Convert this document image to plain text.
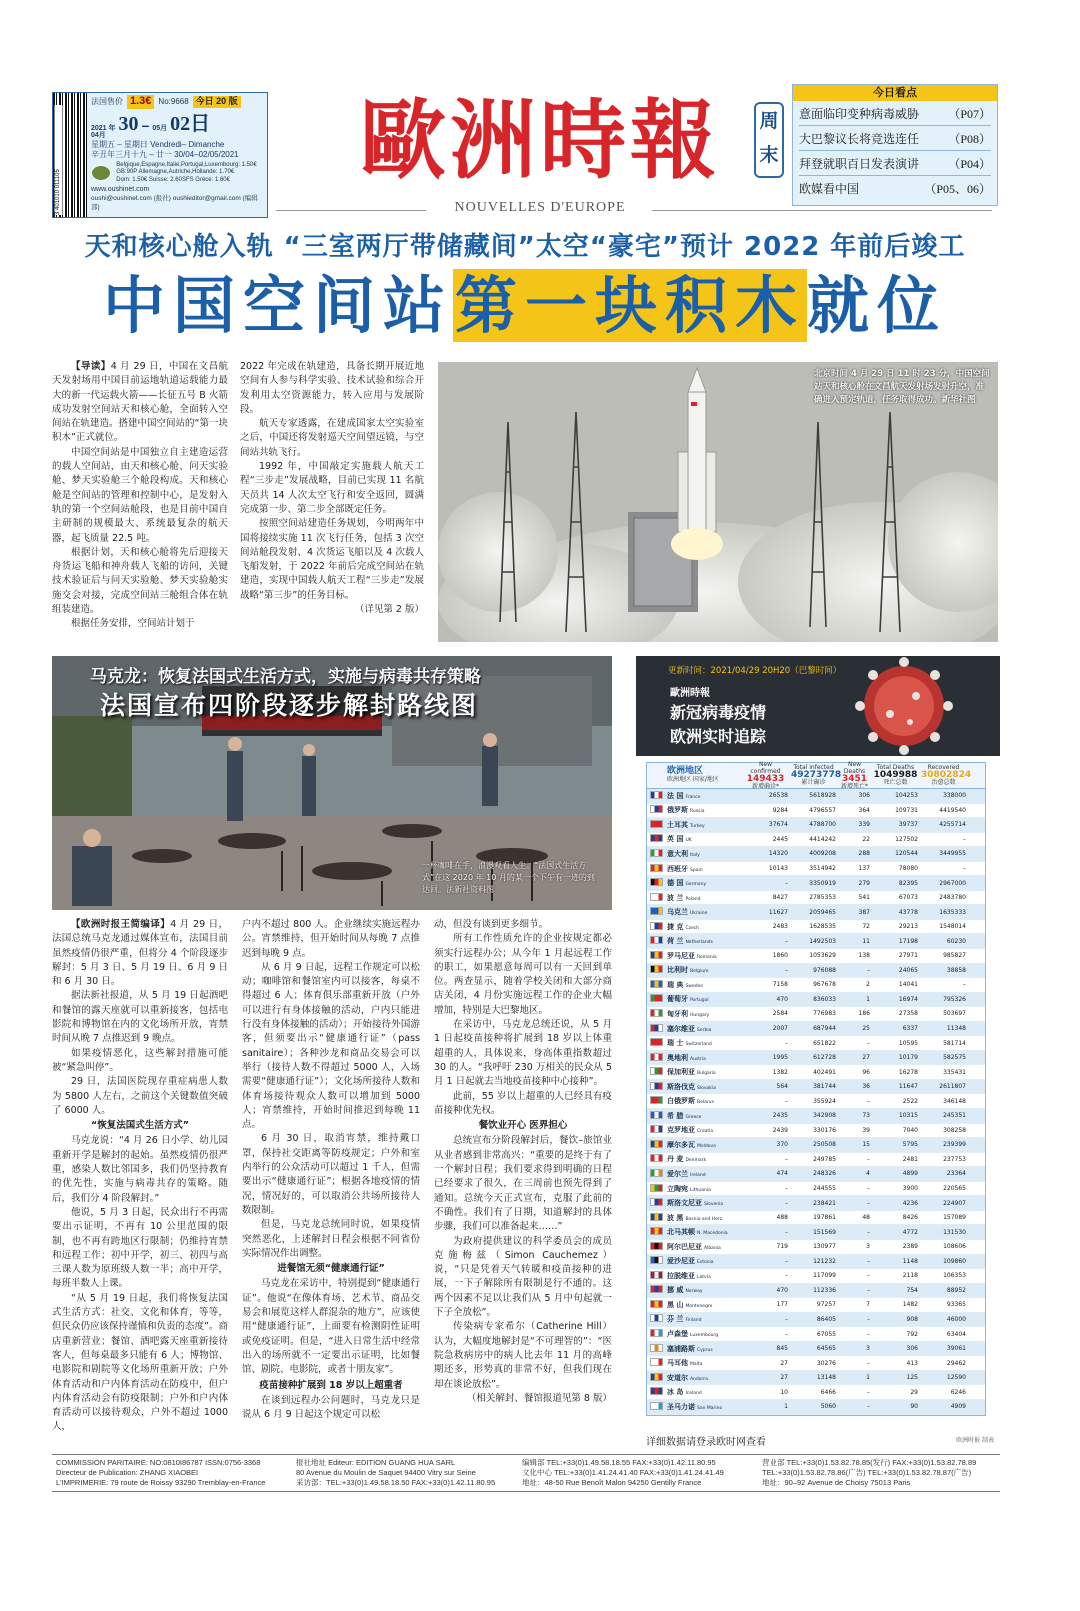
3 401010 011105
法国售价 1.3€ No:9668 今日 20 版
2021 年
04月
30 – 05月 02日
星期五 – 星期日 Vendredi– Dimanche
辛丑年三月十九 – 廿一 30/04–02/05/2021
Belgique,Espagne,Italie,Portugal,Luxembourg: 1.50€
GB:90P Allemagne,Autriche,Hollande: 1.70€
Dom: 1.50€ Suisse: 2.60SFS Grèce: 1.60€
www.oushinet.com
oushi@oushinet.com (报社) oushieditor@gmail.com (编辑部)
歐洲時報
NOUVELLES D'EUROPE
周
末
今日看点
意面临印变种病毒威胁 （P07）
大巴黎议长将竞选连任 （P08）
拜登就职百日发表演讲 （P04）
欧媒看中国	（P05、06）
天和核心舱入轨 “三室两厅带储藏间”太空“豪宅”预计 2022 年前后竣工
中国空间站第一块积木就位

【导读】4 月 29 日，中国在文昌航天发射场用中国目前运地轨道运载能力最大的新一代运载火箭——长征五号 B 火箭成功发射空间站天和核心舱，全面转入空间站在轨建造。搭建中国空间站的“第一块积木”正式就位。

中国空间站是中国独立自主建造运营的载人空间站，由天和核心舱、问天实验舱、梦天实验舱三个舱段构成。天和核心舱是空间站的管理和控制中心，是发射入轨的第一个空间站舱段，也是目前中国自主研制的规模最大、系统最复杂的航天器，起飞质量 22.5 吨。

根据计划，天和核心舱将先后迎接天舟货运飞船和神舟载人飞船的访问，关键技术验证后与问天实验舱、梦天实验舱实施交会对接，完成空间站三舱组合体在轨组装建造。

根据任务安排，空间站计划于

2022 年完成在轨建造，具备长期开展近地空间有人参与科学实验、技术试验和综合开发利用太空资源能力，转入应用与发展阶段。

航天专家透露，在建成国家太空实验室之后，中国还将发射巡天空间望远镜，与空间站共轨飞行。

1992 年，中国敲定实施载人航天工程“三步走”发展战略，目前已实现 11 名航天员共 14 人次太空飞行和安全返回，圆满完成第一步、第二步全部既定任务。

按照空间站建造任务规划，今明两年中国将接续实施 11 次飞行任务，包括 3 次空间站舱段发射、4 次货运飞船以及 4 次载人飞船发射，于 2022 年前后完成空间站在轨建造，实现中国载人航天工程“三步走”发展战略“第三步”的任务目标。

（详见第 2 版）

北京时间 4 月 29 日 11 时 23 分，中国空间站天和核心舱在文昌航天发射场发射升空，准确进入预定轨道，任务取得成功。新华社图
马克龙：恢复法国式生活方式，实施与病毒共存策略
法国宣布四阶段逐步解封路线图
一杯咖啡在手，浪漫观看人生。“法国式生活方式”在这 2020 年 10 月的某一个下午有一迹的到达回。法新社资料图

【欧洲时报王简编译】4 月 29 日，法国总统马克龙通过媒体宣布，法国目前虽然疫情仍很严重，但将分 4 个阶段逐步解封：5 月 3 日、5 月 19 日、6 月 9 日和 6 月 30 日。

据法新社报道，从 5 月 19 日起酒吧和餐馆的露天座就可以重新接客，包括电影院和博物馆在内的文化场所开放，宵禁时间从晚 7 点推迟到 9 晚点。

如果疫情恶化，这些解封措施可能被“紧急叫停”。

29 日，法国医院现存重症病患人数为 5800 人左右，之前这个关键数值突破了 6000 人。

“恢复法国式生活方式”

马克龙说：“4 月 26 日小学、幼儿园重新开学是解封的起始。虽然疫情仍很严重，感染人数比邻国多，我们仍坚持教育的优先性，实施与病毒共存的策略。随后，我们分 4 阶段解封。”

他说，5 月 3 日起，民众出行不再需要出示证明，不再有 10 公里范围的限制，也不再有跨地区行限制；仍维持宵禁和远程工作；初中开学，初三、初四与高三课人数为原班级人数一半；高中开学，每班半数人上课。

“从 5 月 19 日起，我们将恢复法国式生活方式：社交、文化和体育，等等，但民众仍应该保持谨慎和负责的态度”。商店重新营业；餐馆、酒吧露天座重新接待客人，但每桌最多只能有 6 人；博物馆、电影院和剧院等文化场所重新开放；户外体育活动和户内体育活动在防疫中，但户内体育活动会有防疫限制；户外和户内体育活动可以接待观众，户外不超过 1000 人，

户内不超过 800 人。企业继续实施远程办公。宵禁维持，但开始时间从每晚 7 点推迟到每晚 9 点。

从 6 月 9 日起，远程工作规定可以松动；咖啡馆和餐馆室内可以接客，每桌不得超过 6 人；体育俱乐部重新开放（户外可以进行有身体接触的活动，户内只能进行没有身体接触的活动）；开始接待外国游客，但须要出示“健康通行证”（pass sanitaire）；各种沙龙和商品交易会可以举行（接待人数不得超过 5000 人，入场需要“健康通行证”）；文化场所接待人数和体育场接待观众人数可以增加到 5000 人；宵禁维持，开始时间推迟到每晚 11 点。

6 月 30 日，取消宵禁，维持戴口罩，保持社交距离等防疫规定；户外和室内举行的公众活动可以超过 1 千人，但需要出示“健康通行证”；根据各地疫情的情况，情况好的，可以取消公共场所接待人数限制。

但是，马克龙总统同时说，如果疫情突然恶化，上述解封日程会根据不同省份实际情况作出调整。

进餐馆无须“健康通行证”

马克龙在采访中，特别提到“健康通行证”。他说“在像体育场、艺术节、商品交易会和展览这样人群混杂的地方”，应该使用“健康通行证”，上面要有检测阴性证明或免疫证明。但是，“进入日常生活中经常出入的场所就不一定要出示证明，比如餐馆、剧院、电影院，或者十朋友家”。

疫苗接种扩展到 18 岁以上超重者

在谈到远程办公问题时，马克龙只是说从 6 月 9 日起这个规定可以松

动，但没有谈到更多细节。

所有工作性质允许的企业按规定都必须实行远程办公；从今年 1 月起远程工作的职工，如果愿意每周可以有一天回到单位。两查显示，随着学校关闭和大部分商店关闭，4 月份实施远程工作的企业大幅增加，特别是大巴黎地区。

在采访中，马克龙总统还说，从 5 月 1 日起疫苗接种将扩展到 18 岁以上体重超重的人，具体说来，身高体重指数超过 30 的人。“我呼吁 230 万相关的民众从 5 月 1 日起就去当地疫苗接种中心接种”。

此前，55 岁以上超重的人已经具有疫苗接种优先权。

餐饮业开心 医界担心

总统宣布分阶段解封后，餐饮–旅馆业从业者感到非常高兴：“重要的是终于有了一个解封日程；我们要求得到明确的日程已经要求了很久，在三周前也预先得到了通知。总统今天正式宣布，克服了此前的不确性。我们有了日期，知道解封的具体步骤，我们可以准备起来……”

为政府提供建议的科学委员会的成员克施梅兹（Simon Cauchemez）说，“只是凭着天气转暖和疫苗接种的进展，一下子解除所有限制是行不通的。这两个因素不足以让我们从 5 月中旬起就一下子全放松”。

传染病专家希尔（Catherine Hill）认为，大幅度地解封是“不可理智的”：“医院急救病房中的病人比去年 11 月的高峰期还多，形势真的非常不好，但我们现在却在谈论放松”。

（相关解封、餐馆报道见第 8 版）

更新时间：2021/04/29 20H20（巴黎时间）
歐洲時報
新冠病毒疫情
欧洲实时追踪
欧洲地区
欧洲地区 国家/地区
New confirmed
149433
新增确诊*
Total infected
49273778
累计确诊
New Deaths
3451
新增死亡*
Total Deaths
1049988
死亡总数
Recovered
30802824
治愈总数
法 国 France	26538	5618928	306	104253	338000
俄罗斯 Russia	9284	4796557	364	109731	4419540
土耳其 Turkey	37674	4788700	339	39737	4255714
英 国 UK	2445	4414242	22	127502	–
意大利 Italy	14320	4009208	288	120544	3449955
西班牙 Spain	10143	3514942	137	78080	–
德 国 Germany	–	3350919	279	82395	2967000
波 兰 Poland	8427	2785353	541	67073	2483780
乌克兰 Ukraine	11627	2059465	387	43778	1635333
捷 克 Czech	2483	1628535	72	29213	1548014
荷 兰 Netherlands	–	1492503	11	17198	60230
罗马尼亚 Romania	1860	1053629	138	27971	985827
比利时 Belgium	–	976088	–	24065	38858
瑞 典 Sweden	7158	967678	2	14041	–
葡萄牙 Portugal	470	836033	1	16974	795326
匈牙利 Hungary	2584	776983	186	27358	503697
塞尔维亚 Serbia	2007	687944	25	6337	11348
瑞 士 Switzerland	–	651822	–	10595	581714
奥地利 Austria	1995	612728	27	10179	582575
保加利亚 Bulgaria	1382	402491	96	16278	335431
斯洛伐克 Slovakia	564	381744	36	11647	2611807
白俄罗斯 Belarus	–	355924	–	2522	346148
希 腊 Greece	2435	342908	73	10315	245351
克罗地亚 Croatia	2439	330176	39	7040	308258
摩尔多瓦 Moldova	370	250508	15	5795	239399
丹 麦 Denmark	–	249785	–	2481	237753
爱尔兰 Ireland	474	248326	4	4899	23364
立陶宛 Lithuania	–	244555	–	3900	220565
斯洛文尼亚 Slovenia	–	238421	–	4236	224907
波 黑 Bosnia and Herz.	488	197861	48	8426	157089
北马其顿 N. Macedonia	–	151569	–	4772	131530
阿尔巴尼亚 Albania	719	130977	3	2389	108606
爱沙尼亚 Estonia	–	121232	–	1148	109860
拉脱维亚 Latvia	–	117099	–	2118	106353
挪 威 Norway	470	112336	–	754	88952
黑 山 Montenegro	177	97257	7	1482	93365
芬 兰 Finland	–	86405	–	908	46000
卢森堡 Luxembourg	–	67055	–	792	63404
塞浦路斯 Cyprus	845	64565	3	306	39061
马耳他 Malta	27	30276	–	413	29462
安道尔 Andorra	27	13148	1	125	12590
冰 岛 Iceland	10	6466	–	29	6246
圣马力诺 San Marino	1	5060	–	90	4909
详细数据请登录欧时网查看	欧洲时报 制表
COMMISSION PARITAIRE: NO:0810I86787 ISSN:0756-3368
Directeur de Publication: ZHANG XIAOBEI
L'IMPRIMERIE: 79 route de Roissy 93290 Tremblay-en-France
报社地址 Editeur: EDITION GUANG HUA SARL
80 Avenue du Moulin de Saquet 94400 Vitry sur Seine
采访部：TEL:+33(0)1.49.58.18.50 FAX:+33(0)1.42.11.80.95
编辑部 TEL:+33(0)1.49.58.18.55 FAX:+33(0)1.42.11.80.95
文化中心 TEL:+33(0)1.41.24.41.40 FAX:+33(0)1.41.24.41.49
地址：48-50 Rue Benoît Malon 94250 Gentilly France
营业部 TEL:+33(0)1.53.82.78.85(发行) FAX:+33(0)1.53.82.78.89
TEL:+33(0)1.53.82.78.86(广告) TEL:+33(0)1.53.82.78.87(广告)
地址：90–92 Avenue de Choisy 75013 Paris
